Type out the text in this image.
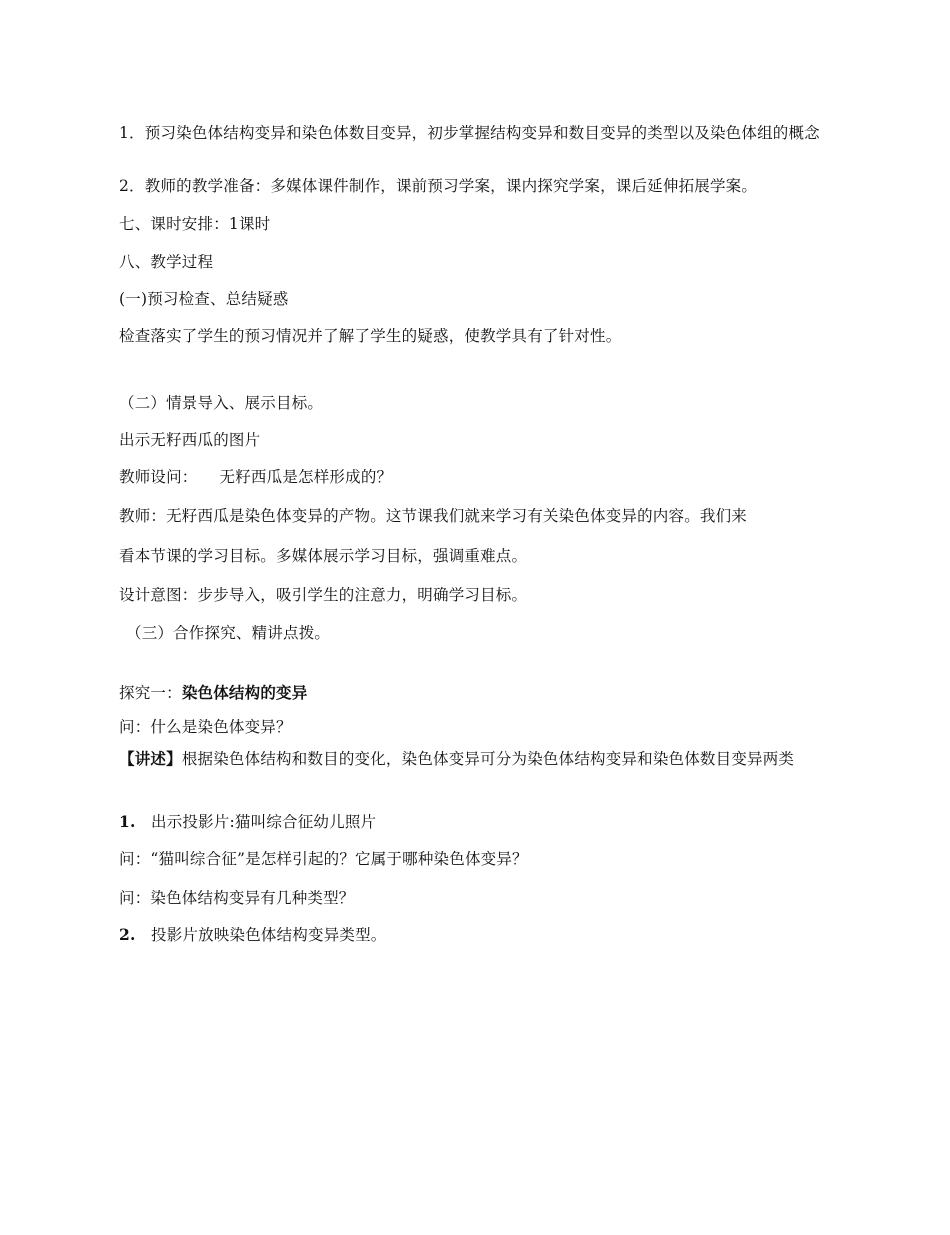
1．预习染色体结构变异和染色体数目变异，初步掌握结构变异和数目变异的类型以及染色体组的概念
2．教师的教学准备：多媒体课件制作，课前预习学案，课内探究学案，课后延伸拓展学案。
七、课时安排：1课时
八、教学过程
(一)预习检查、总结疑惑
检查落实了学生的预习情况并了解了学生的疑惑，使教学具有了针对性。
（二）情景导入、展示目标。
出示无籽西瓜的图片
教师设问： 无籽西瓜是怎样形成的？
教师：无籽西瓜是染色体变异的产物。这节课我们就来学习有关染色体变异的内容。我们来
看本节课的学习目标。多媒体展示学习目标，强调重难点。
设计意图：步步导入，吸引学生的注意力，明确学习目标。
（三）合作探究、精讲点拨。
探究一：染色体结构的变异
问：什么是染色体变异？
【讲述】根据染色体结构和数目的变化，染色体变异可分为染色体结构变异和染色体数目变异两类
1. 出示投影片:猫叫综合征幼儿照片
问：“猫叫综合征”是怎样引起的？它属于哪种染色体变异？
问：染色体结构变异有几种类型？
2. 投影片放映染色体结构变异类型。
